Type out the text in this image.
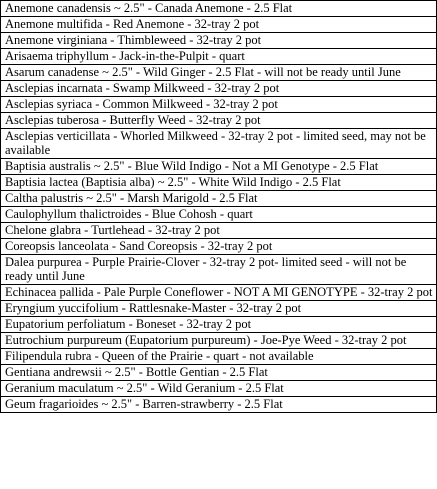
Anemone canadensis ~ 2.5" - Canada Anemone - 2.5 Flat
Anemone multifida - Red Anemone - 32-tray 2 pot
Anemone virginiana - Thimbleweed - 32-tray 2 pot
Arisaema triphyllum - Jack-in-the-Pulpit - quart
Asarum canadense ~ 2.5" - Wild Ginger - 2.5 Flat - will not be ready until June
Asclepias incarnata - Swamp Milkweed - 32-tray 2 pot
Asclepias syriaca - Common Milkweed - 32-tray 2 pot
Asclepias tuberosa - Butterfly Weed - 32-tray 2 pot
Asclepias verticillata - Whorled Milkweed - 32-tray 2 pot - limited seed, may not be available
Baptisia australis ~ 2.5" - Blue Wild Indigo - Not a MI Genotype - 2.5 Flat
Baptisia lactea (Baptisia alba) ~ 2.5" - White Wild Indigo - 2.5 Flat
Caltha palustris ~ 2.5" - Marsh Marigold - 2.5 Flat
Caulophyllum thalictroides - Blue Cohosh - quart
Chelone glabra - Turtlehead - 32-tray 2 pot
Coreopsis lanceolata - Sand Coreopsis - 32-tray 2 pot
Dalea purpurea - Purple Prairie-Clover - 32-tray 2 pot- limited seed - will not be ready until June
Echinacea pallida - Pale Purple Coneflower - NOT A MI GENOTYPE - 32-tray 2 pot
Eryngium yuccifolium - Rattlesnake-Master - 32-tray 2 pot
Eupatorium perfoliatum - Boneset - 32-tray 2 pot
Eutrochium purpureum (Eupatorium purpureum) - Joe-Pye Weed - 32-tray 2 pot
Filipendula rubra - Queen of the Prairie - quart - not available
Gentiana andrewsii ~ 2.5" - Bottle Gentian - 2.5 Flat
Geranium maculatum ~ 2.5" - Wild Geranium - 2.5 Flat
Geum fragarioides ~ 2.5" - Barren-strawberry - 2.5 Flat
